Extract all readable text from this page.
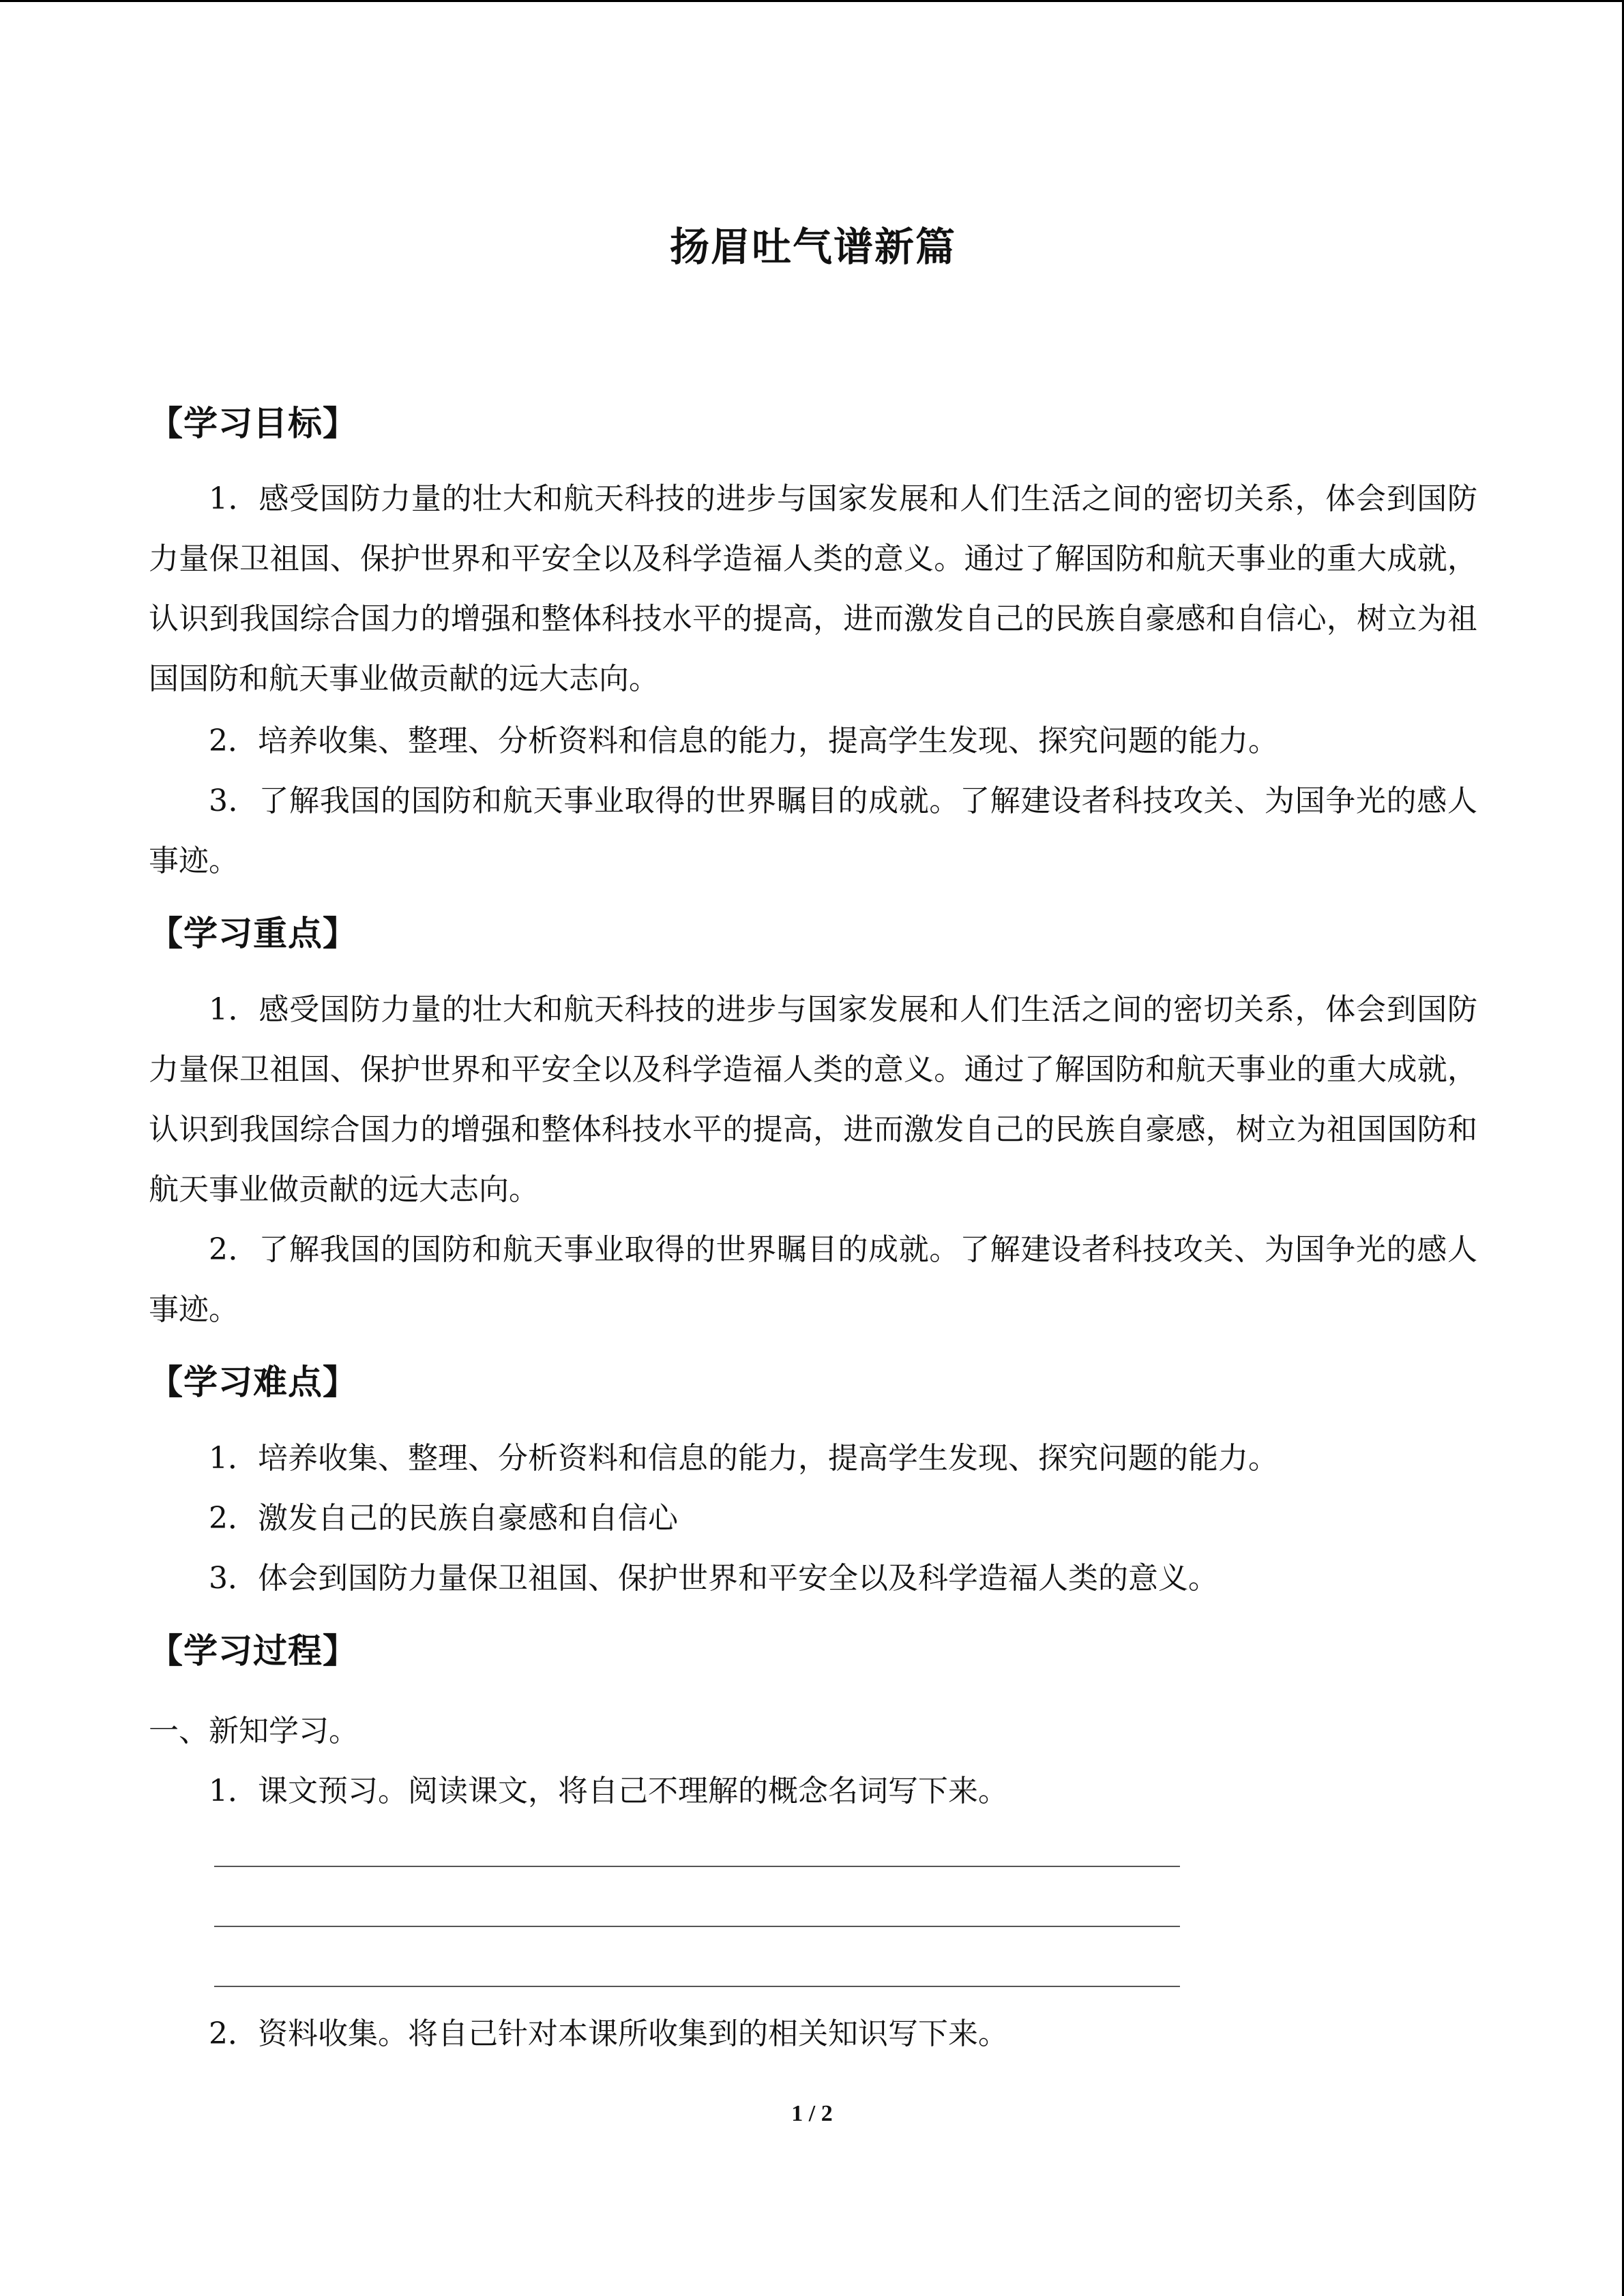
扬眉吐气谱新篇
【学习目标】

1．感受国防力量的壮大和航天科技的进步与国家发展和人们生活之间的密切关系，体会到国防力量保卫祖国、保护世界和平安全以及科学造福人类的意义。通过了解国防和航天事业的重大成就，认识到我国综合国力的增强和整体科技水平的提高，进而激发自己的民族自豪感和自信心，树立为祖国国防和航天事业做贡献的远大志向。

2．培养收集、整理、分析资料和信息的能力，提高学生发现、探究问题的能力。

3．了解我国的国防和航天事业取得的世界瞩目的成就。了解建设者科技攻关、为国争光的感人事迹。

【学习重点】

1．感受国防力量的壮大和航天科技的进步与国家发展和人们生活之间的密切关系，体会到国防力量保卫祖国、保护世界和平安全以及科学造福人类的意义。通过了解国防和航天事业的重大成就，认识到我国综合国力的增强和整体科技水平的提高，进而激发自己的民族自豪感，树立为祖国国防和航天事业做贡献的远大志向。

2．了解我国的国防和航天事业取得的世界瞩目的成就。了解建设者科技攻关、为国争光的感人事迹。

【学习难点】

1．培养收集、整理、分析资料和信息的能力，提高学生发现、探究问题的能力。

2．激发自己的民族自豪感和自信心

3．体会到国防力量保卫祖国、保护世界和平安全以及科学造福人类的意义。

【学习过程】

一、新知学习。

1．课文预习。阅读课文，将自己不理解的概念名词写下来。

2．资料收集。将自己针对本课所收集到的相关知识写下来。

1 / 2
